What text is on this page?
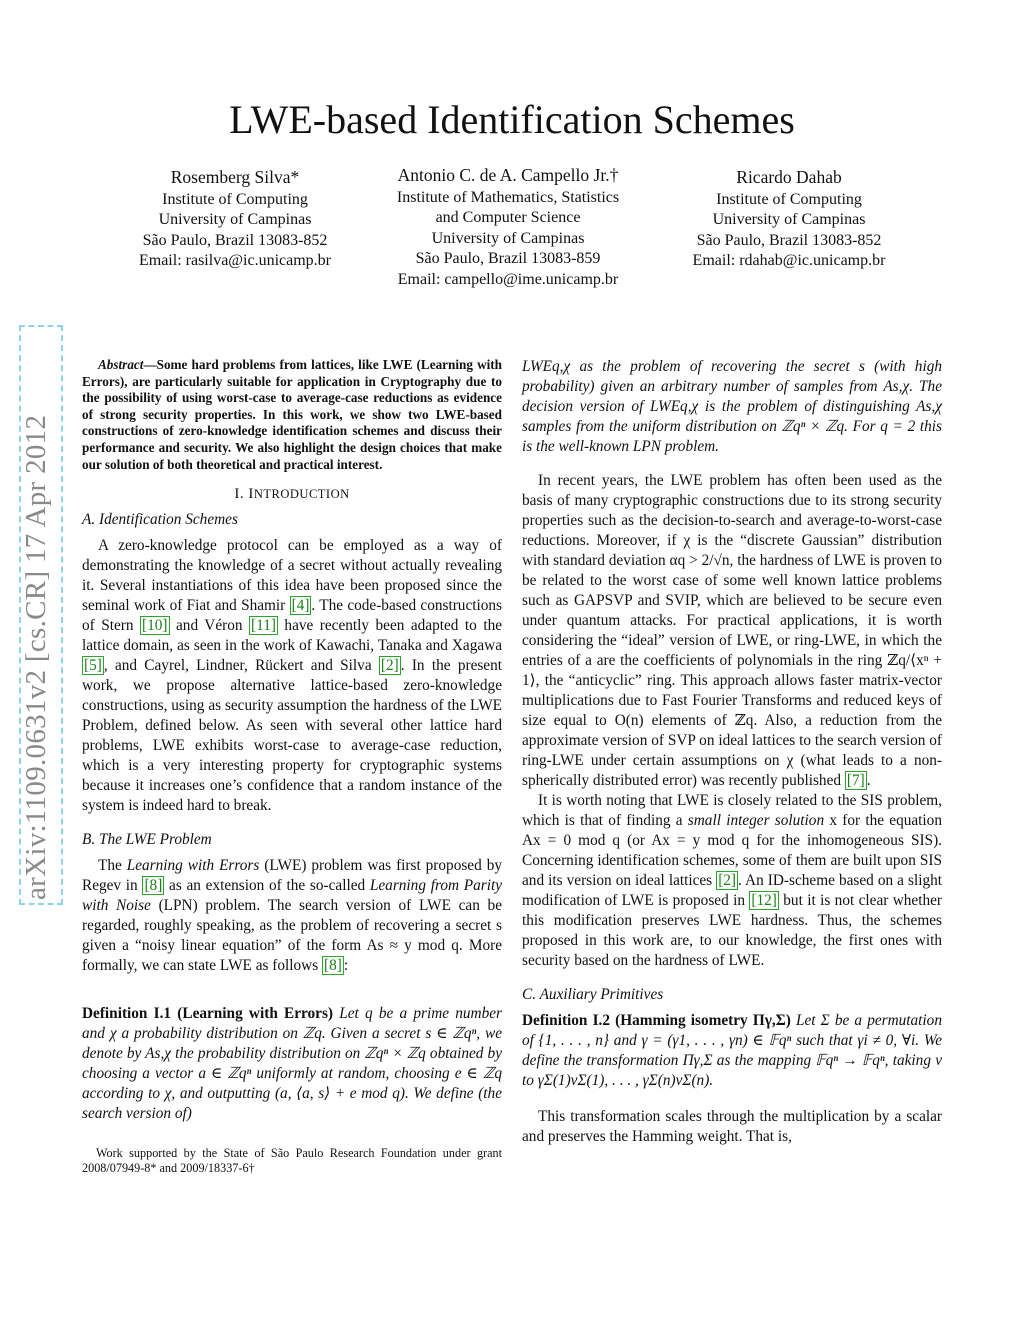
arXiv:1109.0631v2 [cs.CR] 17 Apr 2012
LWE-based Identification Schemes
Rosemberg Silva*
Institute of Computing
University of Campinas
São Paulo, Brazil 13083-852
Email: rasilva@ic.unicamp.br
Antonio C. de A. Campello Jr.†
Institute of Mathematics, Statistics
and Computer Science
University of Campinas
São Paulo, Brazil 13083-859
Email: campello@ime.unicamp.br
Ricardo Dahab
Institute of Computing
University of Campinas
São Paulo, Brazil 13083-852
Email: rdahab@ic.unicamp.br

Abstract—Some hard problems from lattices, like LWE (Learning with Errors), are particularly suitable for application in Cryptography due to the possibility of using worst-case to average-case reductions as evidence of strong security properties. In this work, we show two LWE-based constructions of zero-knowledge identification schemes and discuss their performance and security. We also highlight the design choices that make our solution of both theoretical and practical interest.

I. INTRODUCTION
A. Identification Schemes

A zero-knowledge protocol can be employed as a way of demonstrating the knowledge of a secret without actually revealing it. Several instantiations of this idea have been proposed since the seminal work of Fiat and Shamir [4] . The code-based constructions of Stern [10] and Véron [11] have recently been adapted to the lattice domain, as seen in the work of Kawachi, Tanaka and Xagawa [5] , and Cayrel, Lindner, Rückert and Silva [2] . In the present work, we propose alternative lattice-based zero-knowledge constructions, using as security assumption the hardness of the LWE Problem, defined below. As seen with several other lattice hard problems, LWE exhibits worst-case to average-case reduction, which is a very interesting property for cryptographic systems because it increases one’s confidence that a random instance of the system is indeed hard to break.

B. The LWE Problem

The Learning with Errors (LWE) problem was first proposed by Regev in [8] as an extension of the so-called Learning from Parity with Noise (LPN) problem. The search version of LWE can be regarded, roughly speaking, as the problem of recovering a secret s given a “noisy linear equation” of the form As ≈ y mod q. More formally, we can state LWE as follows [8] :

Definition I.1 (Learning with Errors) Let q be a prime number and χ a probability distribution on ℤq. Given a secret s ∈ ℤqⁿ, we denote by As,χ the probability distribution on ℤqⁿ × ℤq obtained by choosing a vector a ∈ ℤqⁿ uniformly at random, choosing e ∈ ℤq according to χ, and outputting (a, ⟨a, s⟩ + e mod q). We define (the search version of)

Work supported by the State of São Paulo Research Foundation under grant 2008/07949-8* and 2009/18337-6†

LWEq,χ as the problem of recovering the secret s (with high probability) given an arbitrary number of samples from As,χ. The decision version of LWEq,χ is the problem of distinguishing As,χ samples from the uniform distribution on ℤqⁿ × ℤq. For q = 2 this is the well-known LPN problem.

In recent years, the LWE problem has often been used as the basis of many cryptographic constructions due to its strong security properties such as the decision-to-search and average-to-worst-case reductions. Moreover, if χ is the “discrete Gaussian” distribution with standard deviation αq > 2/√n, the hardness of LWE is proven to be related to the worst case of some well known lattice problems such as GAPSVP and SVIP, which are believed to be secure even under quantum attacks. For practical applications, it is worth considering the “ideal” version of LWE, or ring-LWE, in which the entries of a are the coefficients of polynomials in the ring ℤq/⟨xⁿ + 1⟩, the “anticyclic” ring. This approach allows faster matrix-vector multiplications due to Fast Fourier Transforms and reduced keys of size equal to O(n) elements of ℤq. Also, a reduction from the approximate version of SVP on ideal lattices to the search version of ring-LWE under certain assumptions on χ (what leads to a non-spherically distributed error) was recently published [7] .

It is worth noting that LWE is closely related to the SIS problem, which is that of finding a small integer solution x for the equation Ax = 0 mod q (or Ax = y mod q for the inhomogeneous SIS). Concerning identification schemes, some of them are built upon SIS and its version on ideal lattices [2] . An ID-scheme based on a slight modification of LWE is proposed in [12] but it is not clear whether this modification preserves LWE hardness. Thus, the schemes proposed in this work are, to our knowledge, the first ones with security based on the hardness of LWE.

C. Auxiliary Primitives

Definition I.2 (Hamming isometry Πγ,Σ) Let Σ be a permutation of {1, . . . , n} and γ = (γ1, . . . , γn) ∈ 𝔽qⁿ such that γi ≠ 0, ∀i. We define the transformation Πγ,Σ as the mapping 𝔽qⁿ → 𝔽qⁿ, taking v to γΣ(1)vΣ(1), . . . , γΣ(n)vΣ(n).

This transformation scales through the multiplication by a scalar and preserves the Hamming weight. That is,
